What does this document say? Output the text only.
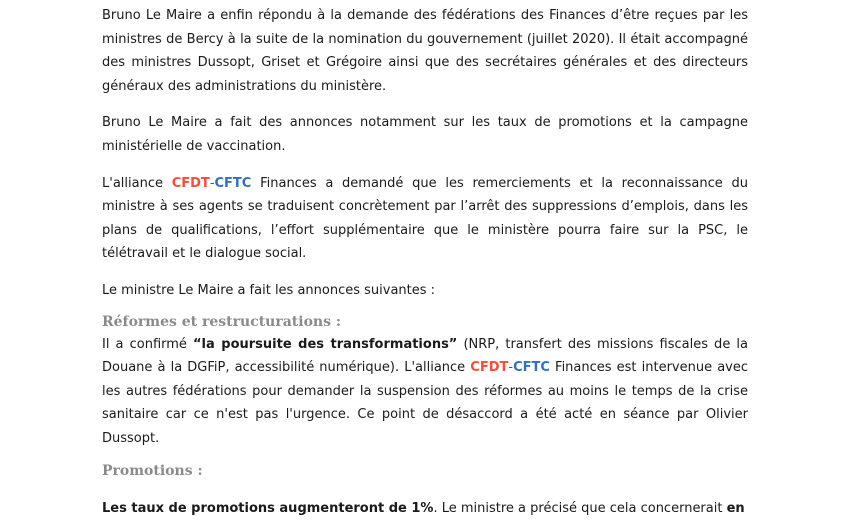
Bruno Le Maire a enfin répondu à la demande des fédérations des Finances d’être reçues par les ministres de Bercy à la suite de la nomination du gouvernement (juillet 2020). Il était accompagné des ministres Dussopt, Griset et Grégoire ainsi que des secrétaires générales et des directeurs généraux des administrations du ministère.

Bruno Le Maire a fait des annonces notamment sur les taux de promotions et la campagne ministérielle de vaccination.

L'alliance CFDT-CFTC Finances a demandé que les remerciements et la reconnaissance du ministre à ses agents se traduisent concrètement par l’arrêt des suppressions d’emplois, dans les plans de qualifications, l’effort supplémentaire que le ministère pourra faire sur la PSC, le télétravail et le dialogue social.

Le ministre Le Maire a fait les annonces suivantes :

Réformes et restructurations :

Il a confirmé “la poursuite des transformations” (NRP, transfert des missions fiscales de la Douane à la DGFiP, accessibilité numérique). L'alliance CFDT-CFTC Finances est intervenue avec les autres fédérations pour demander la suspension des réformes au moins le temps de la crise sanitaire car ce n'est pas l'urgence. Ce point de désaccord a été acté en séance par Olivier Dussopt.

Promotions :

Les taux de promotions augmenteront de 1%. Le ministre a précisé que cela concernerait en
